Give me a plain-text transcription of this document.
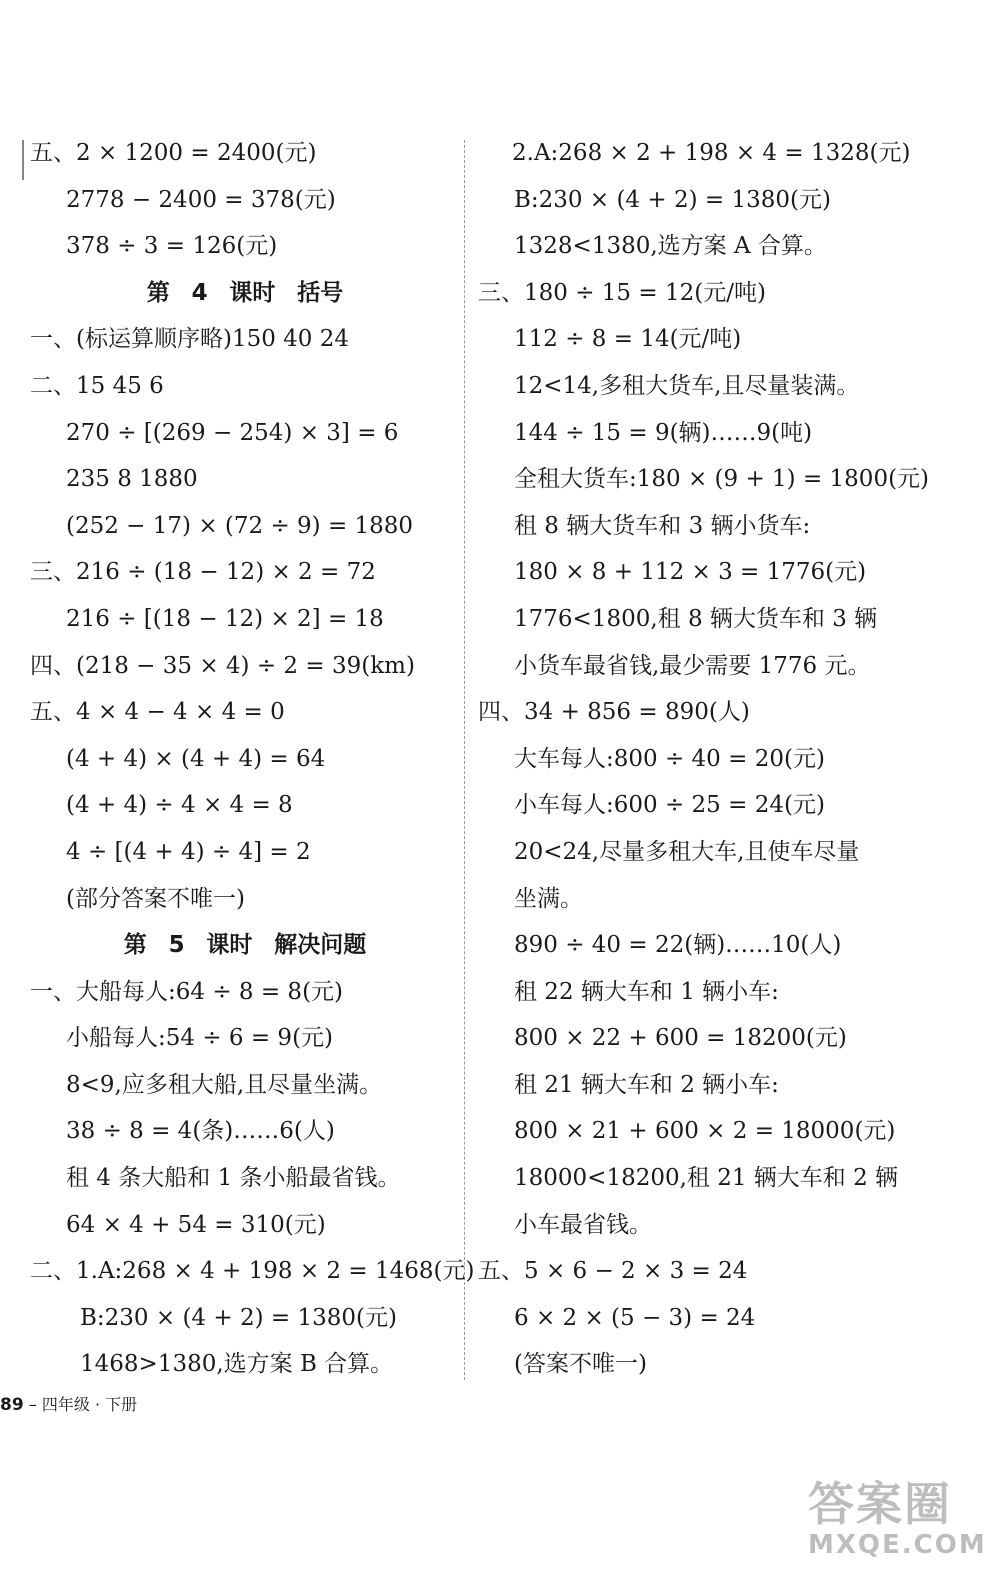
五、2 × 1200 = 2400(元)
2778 − 2400 = 378(元)
378 ÷ 3 = 126(元)
第 4 课时 括号
一、(标运算顺序略)150 40 24
二、15 45 6
270 ÷ [(269 − 254) × 3] = 6
235 8 1880
(252 − 17) × (72 ÷ 9) = 1880
三、216 ÷ (18 − 12) × 2 = 72
216 ÷ [(18 − 12) × 2] = 18
四、(218 − 35 × 4) ÷ 2 = 39(km)
五、4 × 4 − 4 × 4 = 0
(4 + 4) × (4 + 4) = 64
(4 + 4) ÷ 4 × 4 = 8
4 ÷ [(4 + 4) ÷ 4] = 2
(部分答案不唯一)
第 5 课时 解决问题
一、大船每人:64 ÷ 8 = 8(元)
小船每人:54 ÷ 6 = 9(元)
8<9,应多租大船,且尽量坐满。
38 ÷ 8 = 4(条)……6(人)
租 4 条大船和 1 条小船最省钱。
64 × 4 + 54 = 310(元)
二、1.A:268 × 4 + 198 × 2 = 1468(元)
B:230 × (4 + 2) = 1380(元)
1468>1380,选方案 B 合算。
2.A:268 × 2 + 198 × 4 = 1328(元)
B:230 × (4 + 2) = 1380(元)
1328<1380,选方案 A 合算。
三、180 ÷ 15 = 12(元/吨)
112 ÷ 8 = 14(元/吨)
12<14,多租大货车,且尽量装满。
144 ÷ 15 = 9(辆)……9(吨)
全租大货车:180 × (9 + 1) = 1800(元)
租 8 辆大货车和 3 辆小货车:
180 × 8 + 112 × 3 = 1776(元)
1776<1800,租 8 辆大货车和 3 辆
小货车最省钱,最少需要 1776 元。
四、34 + 856 = 890(人)
大车每人:800 ÷ 40 = 20(元)
小车每人:600 ÷ 25 = 24(元)
20<24,尽量多租大车,且使车尽量
坐满。
890 ÷ 40 = 22(辆)……10(人)
租 22 辆大车和 1 辆小车:
800 × 22 + 600 = 18200(元)
租 21 辆大车和 2 辆小车:
800 × 21 + 600 × 2 = 18000(元)
18000<18200,租 21 辆大车和 2 辆
小车最省钱。
五、5 × 6 − 2 × 3 = 24
6 × 2 × (5 − 3) = 24
(答案不唯一)
89 – 四年级 · 下册
答案圈
MXQE.COM
